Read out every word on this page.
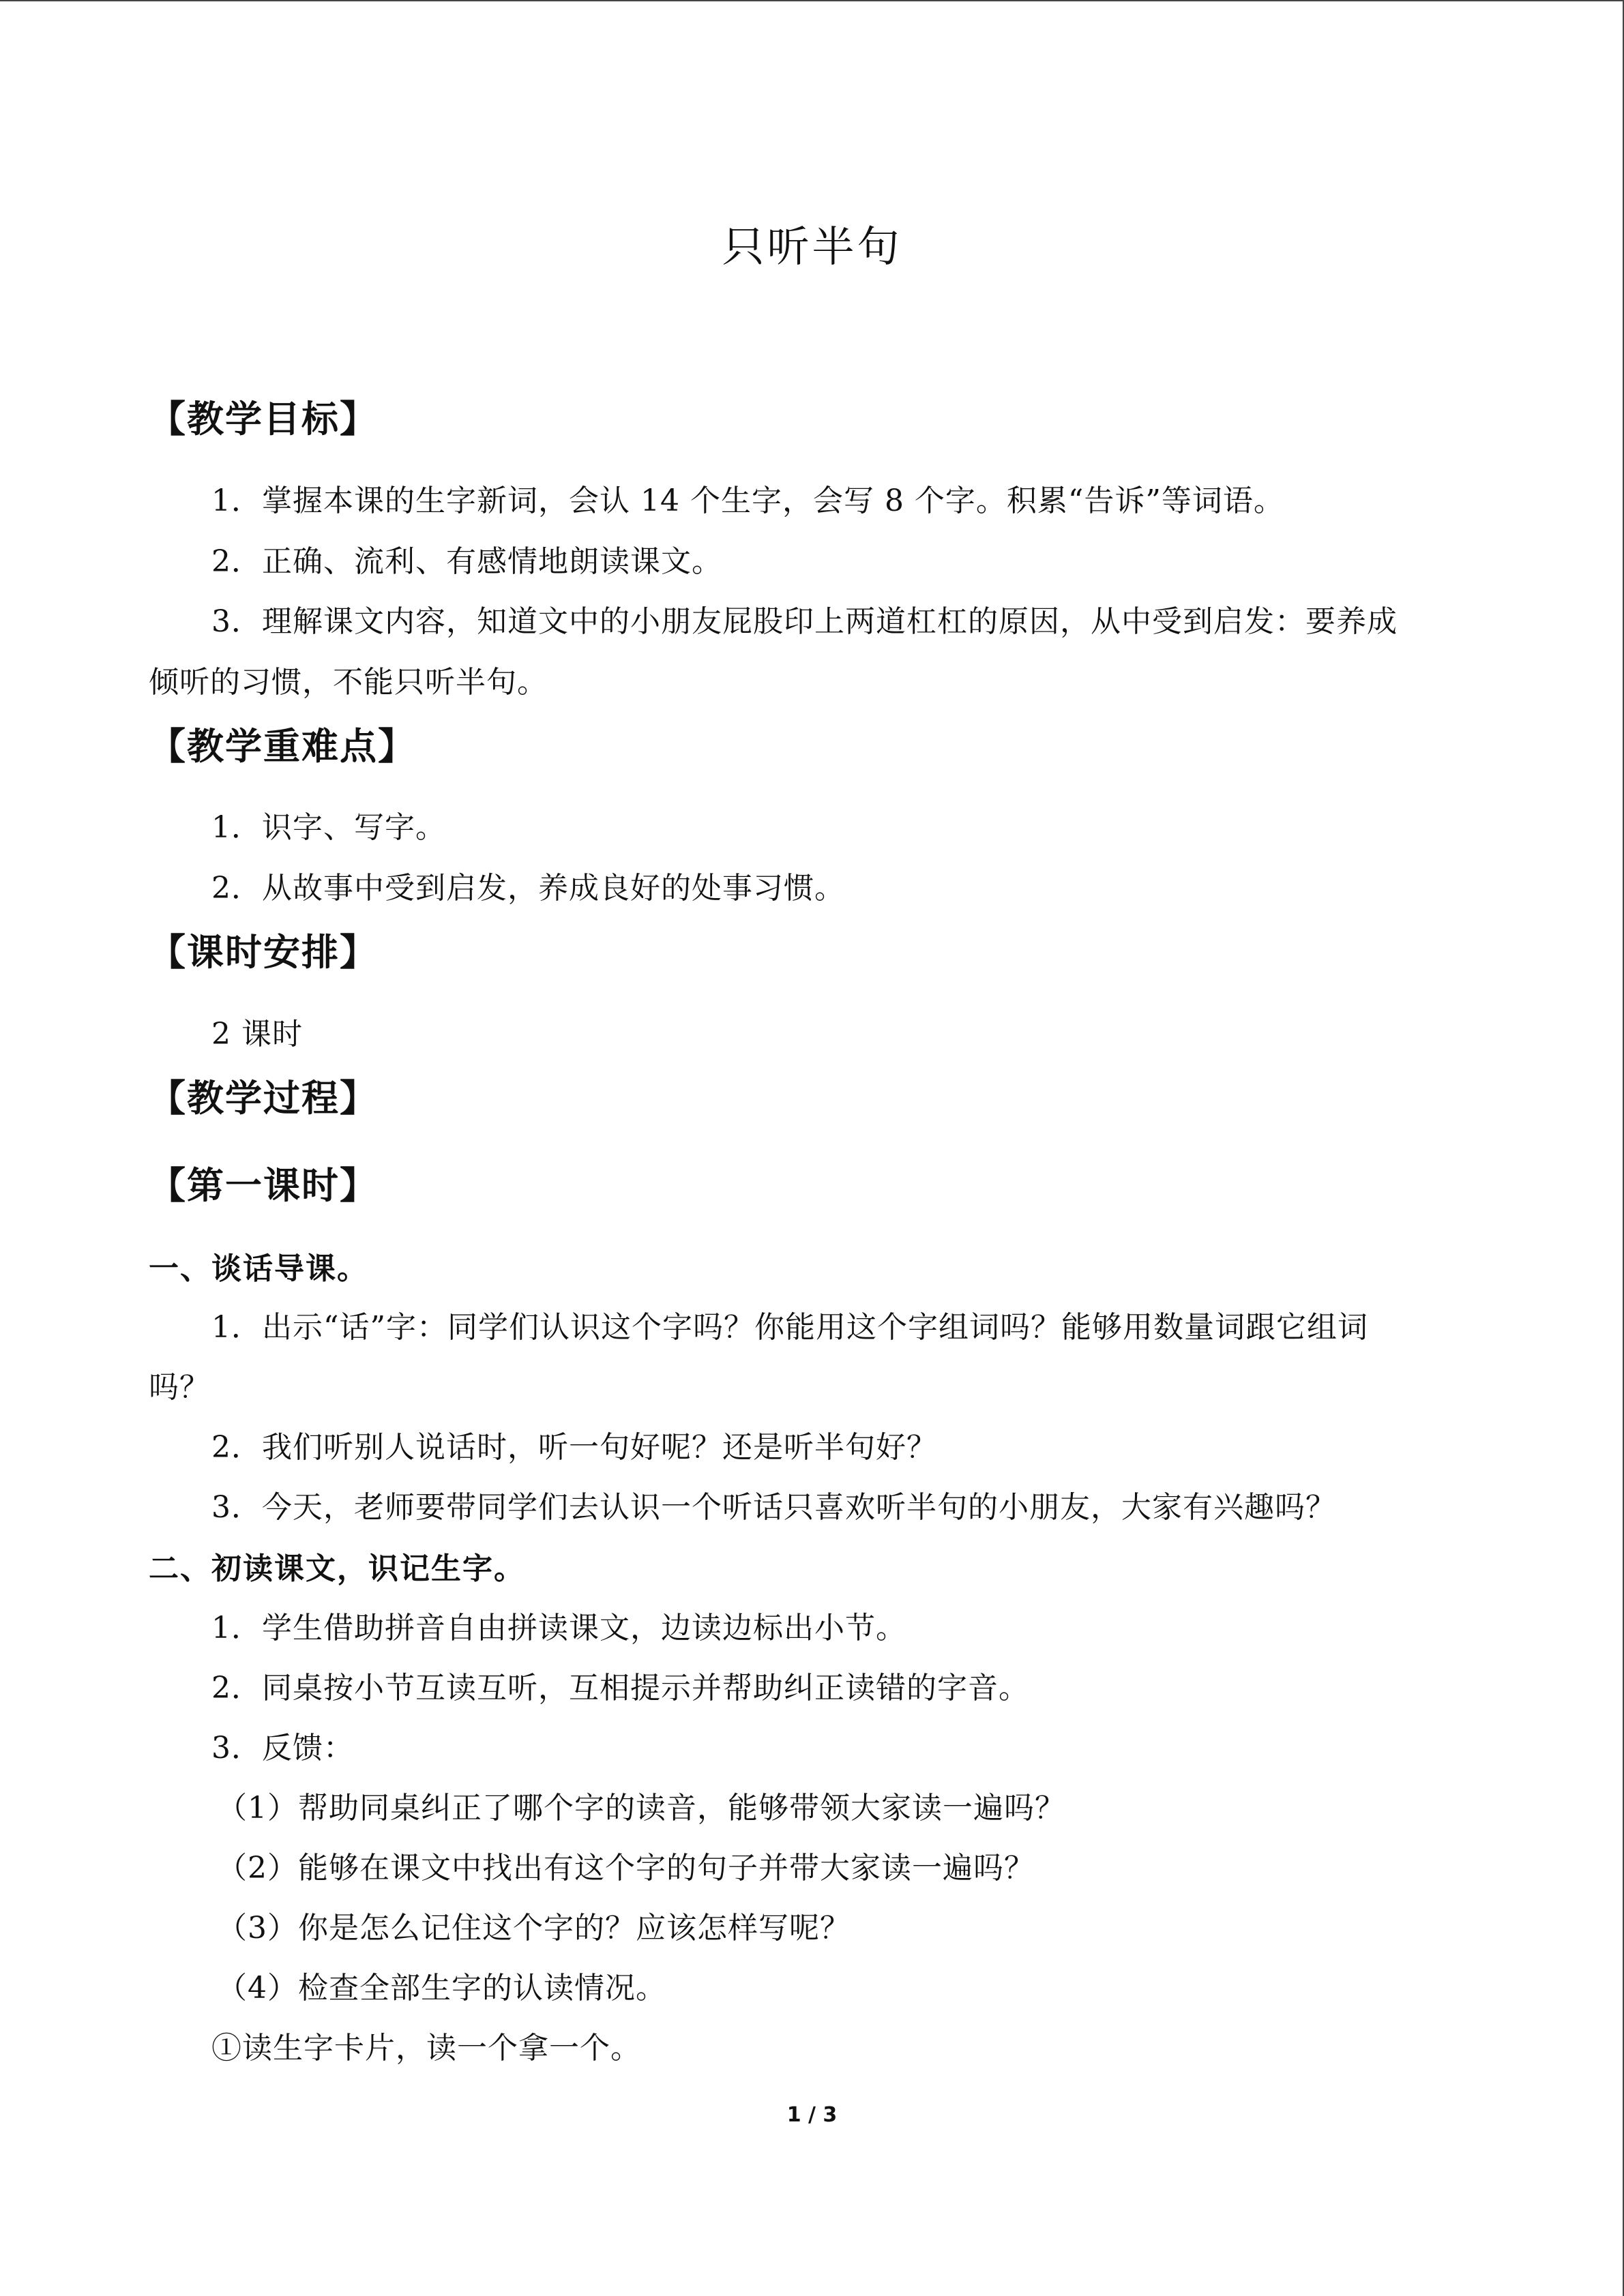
只听半句
【教学目标】
1．掌握本课的生字新词，会认 14 个生字，会写 8 个字。积累“告诉”等词语。
2．正确、流利、有感情地朗读课文。
3．理解课文内容，知道文中的小朋友屁股印上两道杠杠的原因，从中受到启发：要养成
倾听的习惯，不能只听半句。
【教学重难点】
1．识字、写字。
2．从故事中受到启发，养成良好的处事习惯。
【课时安排】
2 课时
【教学过程】
【第一课时】
一、谈话导课。
1．出示“话”字：同学们认识这个字吗？你能用这个字组词吗？能够用数量词跟它组词
吗？
2．我们听别人说话时，听一句好呢？还是听半句好？
3．今天，老师要带同学们去认识一个听话只喜欢听半句的小朋友，大家有兴趣吗？
二、初读课文，识记生字。
1．学生借助拼音自由拼读课文，边读边标出小节。
2．同桌按小节互读互听，互相提示并帮助纠正读错的字音。
3．反馈：
（1）帮助同桌纠正了哪个字的读音，能够带领大家读一遍吗？
（2）能够在课文中找出有这个字的句子并带大家读一遍吗？
（3）你是怎么记住这个字的？应该怎样写呢？
（4）检查全部生字的认读情况。
①读生字卡片，读一个拿一个。
1 / 3
